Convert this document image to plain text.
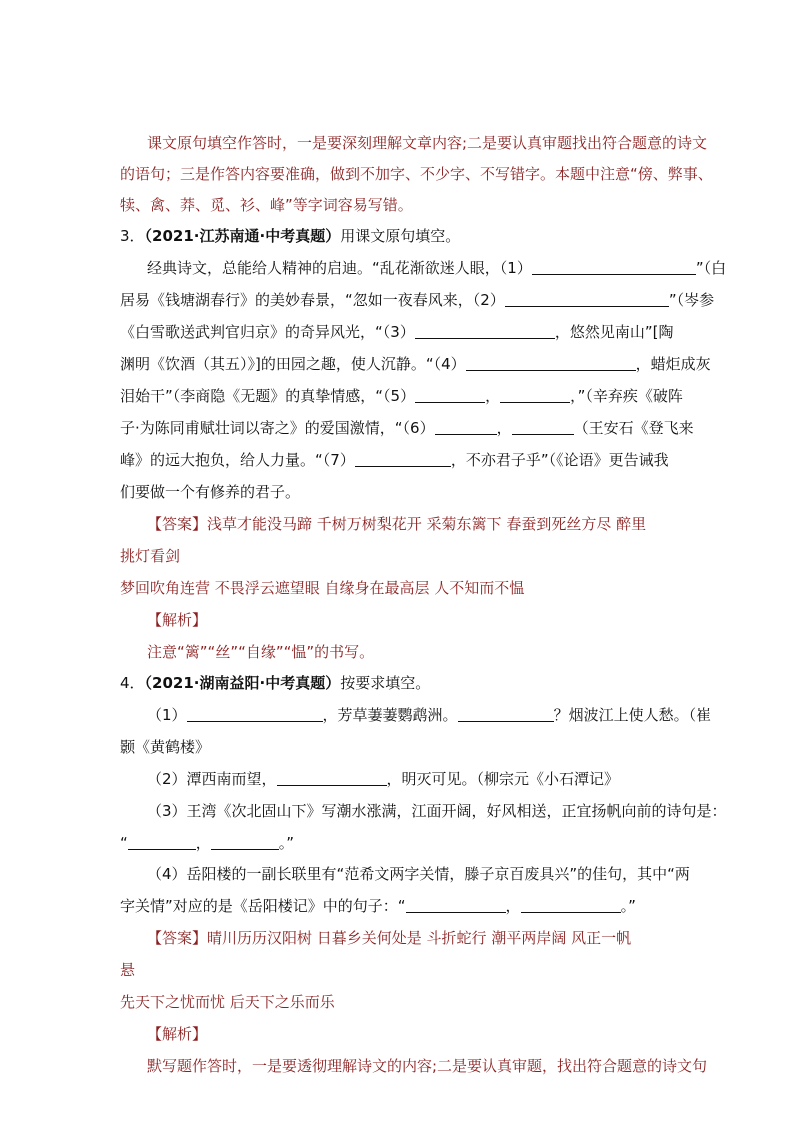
课文原句填空作答时，一是要深刻理解文章内容;二是要认真审题找出符合题意的诗文
的语句；三是作答内容要准确，做到不加字、不少字、不写错字。本题中注意“傍、弊事、
犊、禽、莽、觅、衫、峰”等字词容易写错。
3．（2021·江苏南通·中考真题）用课文原句填空。
经典诗文，总能给人精神的启迪。“乱花渐欲迷人眼，（1）	”（白
居易《钱塘湖春行》的美妙春景，“忽如一夜春风来，（2）	”（岑参
《白雪歌送武判官归京》的奇异风光，“（3）	，悠然见南山”[陶
渊明《饮酒（其五）》]的田园之趣，使人沉静。“（4）	，蜡炬成灰
泪始干”（李商隐《无题》的真挚情感，“（5）	，	，”（辛弃疾《破阵
子·为陈同甫赋壮词以寄之》的爱国激情，“（6）	，	（王安石《登飞来
峰》的远大抱负，给人力量。“（7）	，不亦君子乎”（《论语》更告诫我
们要做一个有修养的君子。
【答案】浅草才能没马蹄 千树万树梨花开 采菊东篱下 春蚕到死丝方尽 醉里
挑灯看剑
梦回吹角连营 不畏浮云遮望眼 自缘身在最高层 人不知而不愠
【解析】
注意“篱”“丝”“自缘”“愠”的书写。
4．（2021·湖南益阳·中考真题）按要求填空。
（1）	，芳草萋萋鹦鹉洲。	？烟波江上使人愁。（崔
颢《黄鹤楼》
（2）潭西南而望，	，明灭可见。（柳宗元《小石潭记》
（3）王湾《次北固山下》写潮水涨满，江面开阔，好风相送，正宜扬帆向前的诗句是：
“	，	。”
（4）岳阳楼的一副长联里有“范希文两字关情，滕子京百废具兴”的佳句，其中“两
字关情”对应的是《岳阳楼记》中的句子：“	，	。”
【答案】晴川历历汉阳树 日暮乡关何处是 斗折蛇行 潮平两岸阔 风正一帆
悬
先天下之忧而忧 后天下之乐而乐
【解析】
默写题作答时，一是要透彻理解诗文的内容;二是要认真审题，找出符合题意的诗文句
